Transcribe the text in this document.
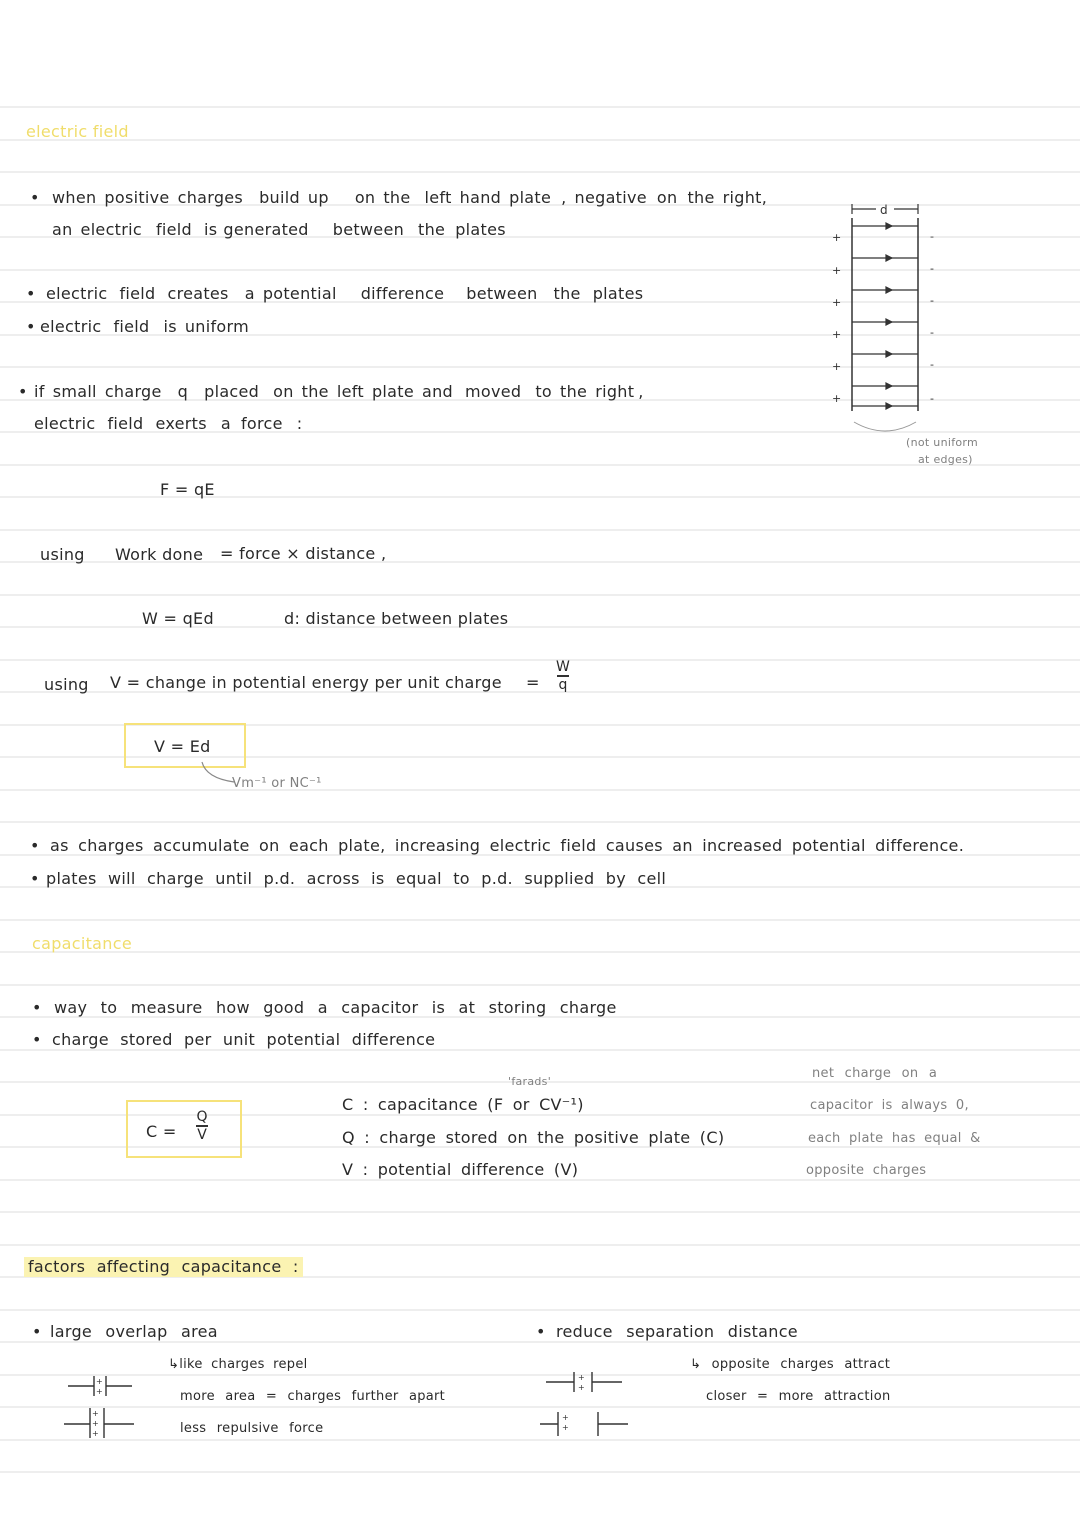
electric field
• when positive charges build up on the left hand plate , negative on the right,
an electric field is generated between the plates
• electric field creates a potential difference between the plates
• electric field is uniform
• if small charge q placed on the left plate and moved to the right ,
electric field exerts a force :
F = qE
using Work done = force × distance ,
W = qEd	d: distance between plates
using V = change in potential energy per unit charge =
W
q
V = Ed
Vm⁻¹ or NC⁻¹
• as charges accumulate on each plate, increasing electric field causes an increased potential difference.
• plates will charge until p.d. across is equal to p.d. supplied by cell
d
+
+
+
+
+
+
-
-
-
-
-
-
(not uniform
at edges)
capacitance
• way to measure how good a capacitor is at storing charge
• charge stored per unit potential difference
C =
Q
V
'farads'
C : capacitance (F or CV⁻¹)
Q : charge stored on the positive plate (C)
V : potential difference (V)
net charge on a
capacitor is always 0,
each plate has equal &
opposite charges
factors affecting capacitance :
• large overlap area
↳like charges repel
more area = charges further apart
less repulsive force
+
+
+
+
+
• reduce separation distance
↳ opposite charges attract
closer = more attraction
+
+
+
+
